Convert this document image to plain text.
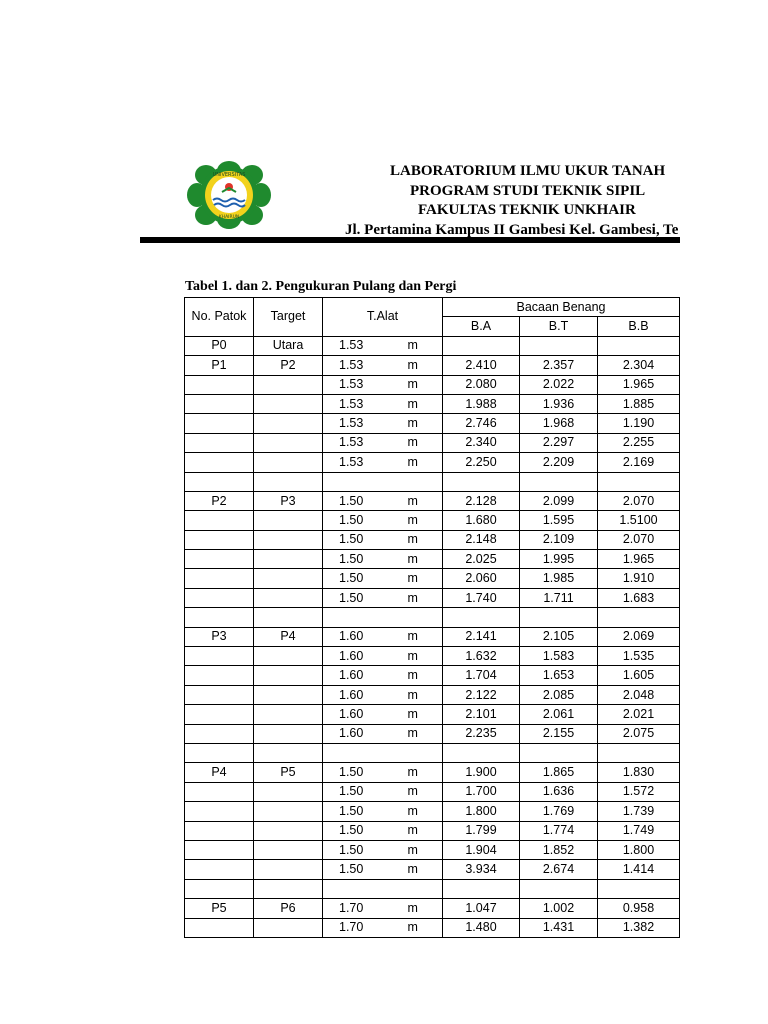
UNIVERSITAS
KHAIRUN
LABORATORIUM ILMU UKUR TANAH
PROGRAM STUDI TEKNIK SIPIL
FAKULTAS TEKNIK UNKHAIR
Jl. Pertamina Kampus II Gambesi Kel. Gambesi, Te
Tabel 1. dan 2. Pengukuran Pulang dan Pergi
No. Patok	Target	T.Alat		Bacaan Benang		
				B.A	B.T	B.B
P0	Utara	1.53	m			
P1	P2	1.53	m	2.410	2.357	2.304
		1.53	m	2.080	2.022	1.965
		1.53	m	1.988	1.936	1.885
		1.53	m	2.746	1.968	1.190
		1.53	m	2.340	2.297	2.255
		1.53	m	2.250	2.209	2.169

P2	P3	1.50	m	2.128	2.099	2.070
		1.50	m	1.680	1.595	1.5100
		1.50	m	2.148	2.109	2.070
		1.50	m	2.025	1.995	1.965
		1.50	m	2.060	1.985	1.910
		1.50	m	1.740	1.711	1.683

P3	P4	1.60	m	2.141	2.105	2.069
		1.60	m	1.632	1.583	1.535
		1.60	m	1.704	1.653	1.605
		1.60	m	2.122	2.085	2.048
		1.60	m	2.101	2.061	2.021
		1.60	m	2.235	2.155	2.075

P4	P5	1.50	m	1.900	1.865	1.830
		1.50	m	1.700	1.636	1.572
		1.50	m	1.800	1.769	1.739
		1.50	m	1.799	1.774	1.749
		1.50	m	1.904	1.852	1.800
		1.50	m	3.934	2.674	1.414

P5	P6	1.70	m	1.047	1.002	0.958
		1.70	m	1.480	1.431	1.382
